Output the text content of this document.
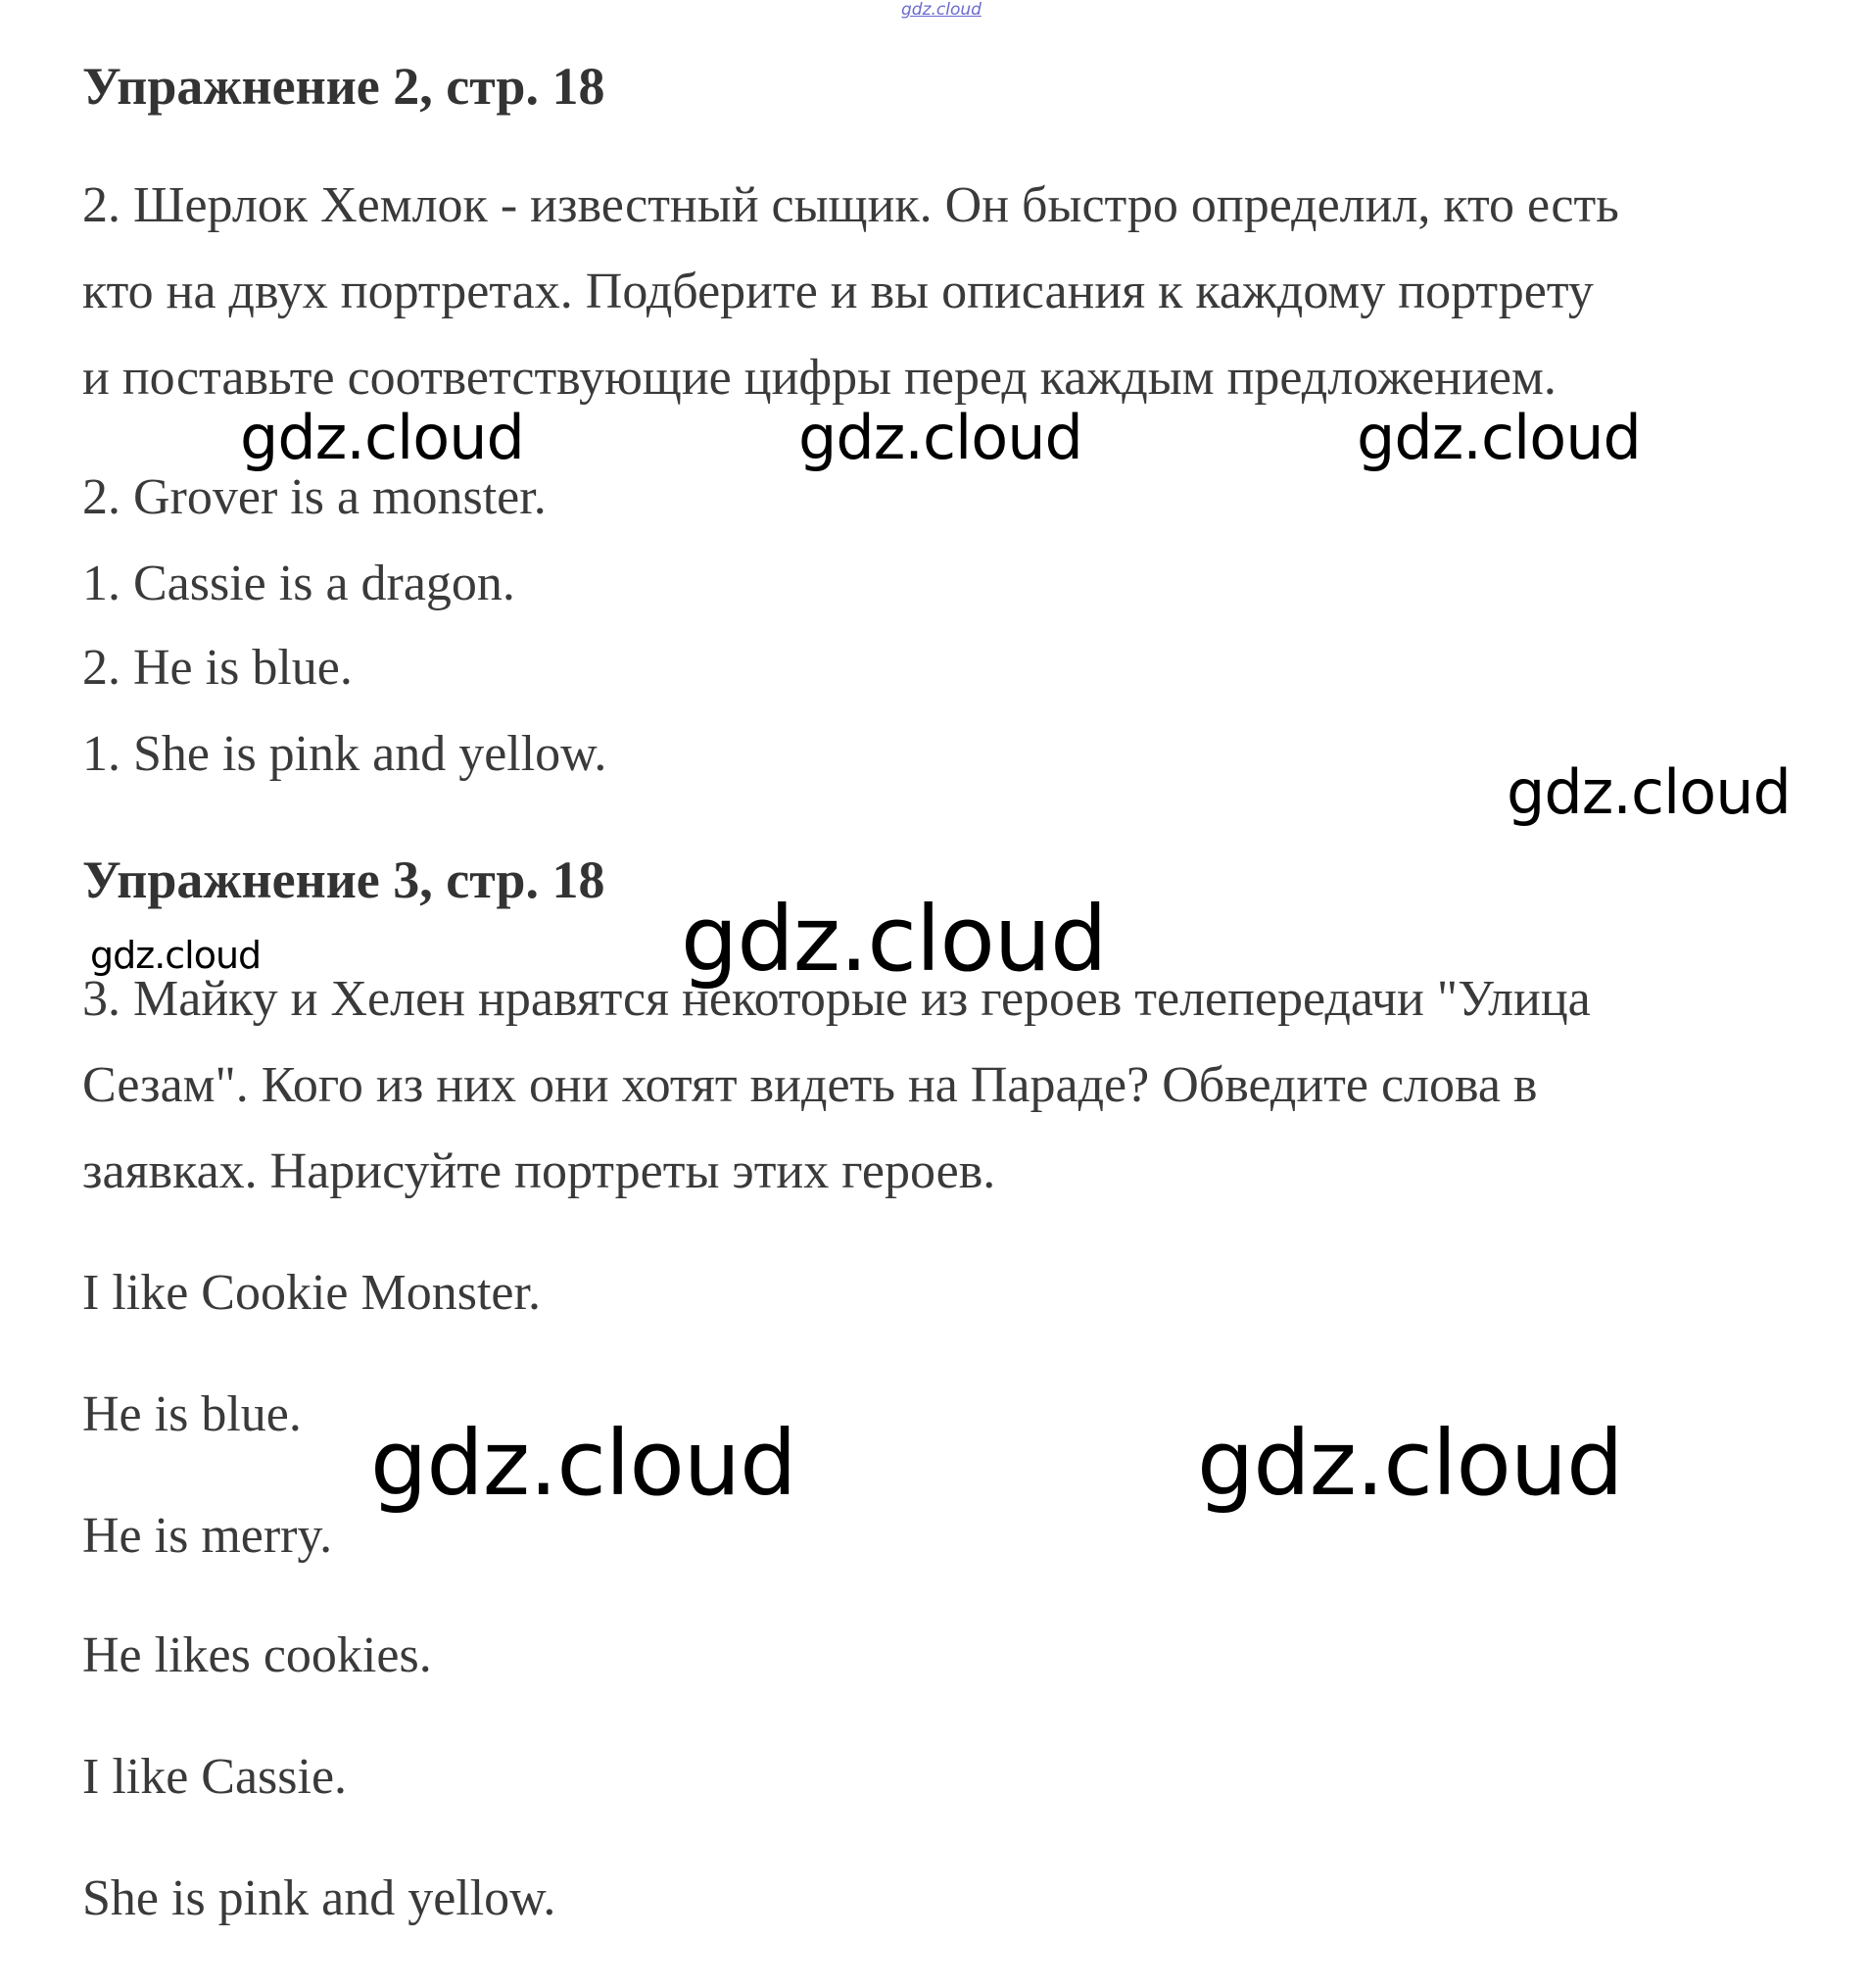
gdz.cloud
Упражнение 2, стр. 18
2. Шерлок Хемлок - известный сыщик. Он быстро определил, кто есть
кто на двух портретах. Подберите и вы описания к каждому портрету
и поставьте соответствующие цифры перед каждым предложением.
2. Grover is a monster.
1. Cassie is a dragon.
2. He is blue.
1. She is pink and yellow.
Упражнение 3, стр. 18
3. Майку и Хелен нравятся некоторые из героев телепередачи "Улица
Сезам". Кого из них они хотят видеть на Параде? Обведите слова в
заявках. Нарисуйте портреты этих героев.
I like Cookie Monster.
He is blue.
He is merry.
He likes cookies.
I like Cassie.
She is pink and yellow.
gdz.cloud	gdz.cloud	gdz.cloud
gdz.cloud
gdz.cloud	gdz.cloud
gdz.cloud	gdz.cloud
